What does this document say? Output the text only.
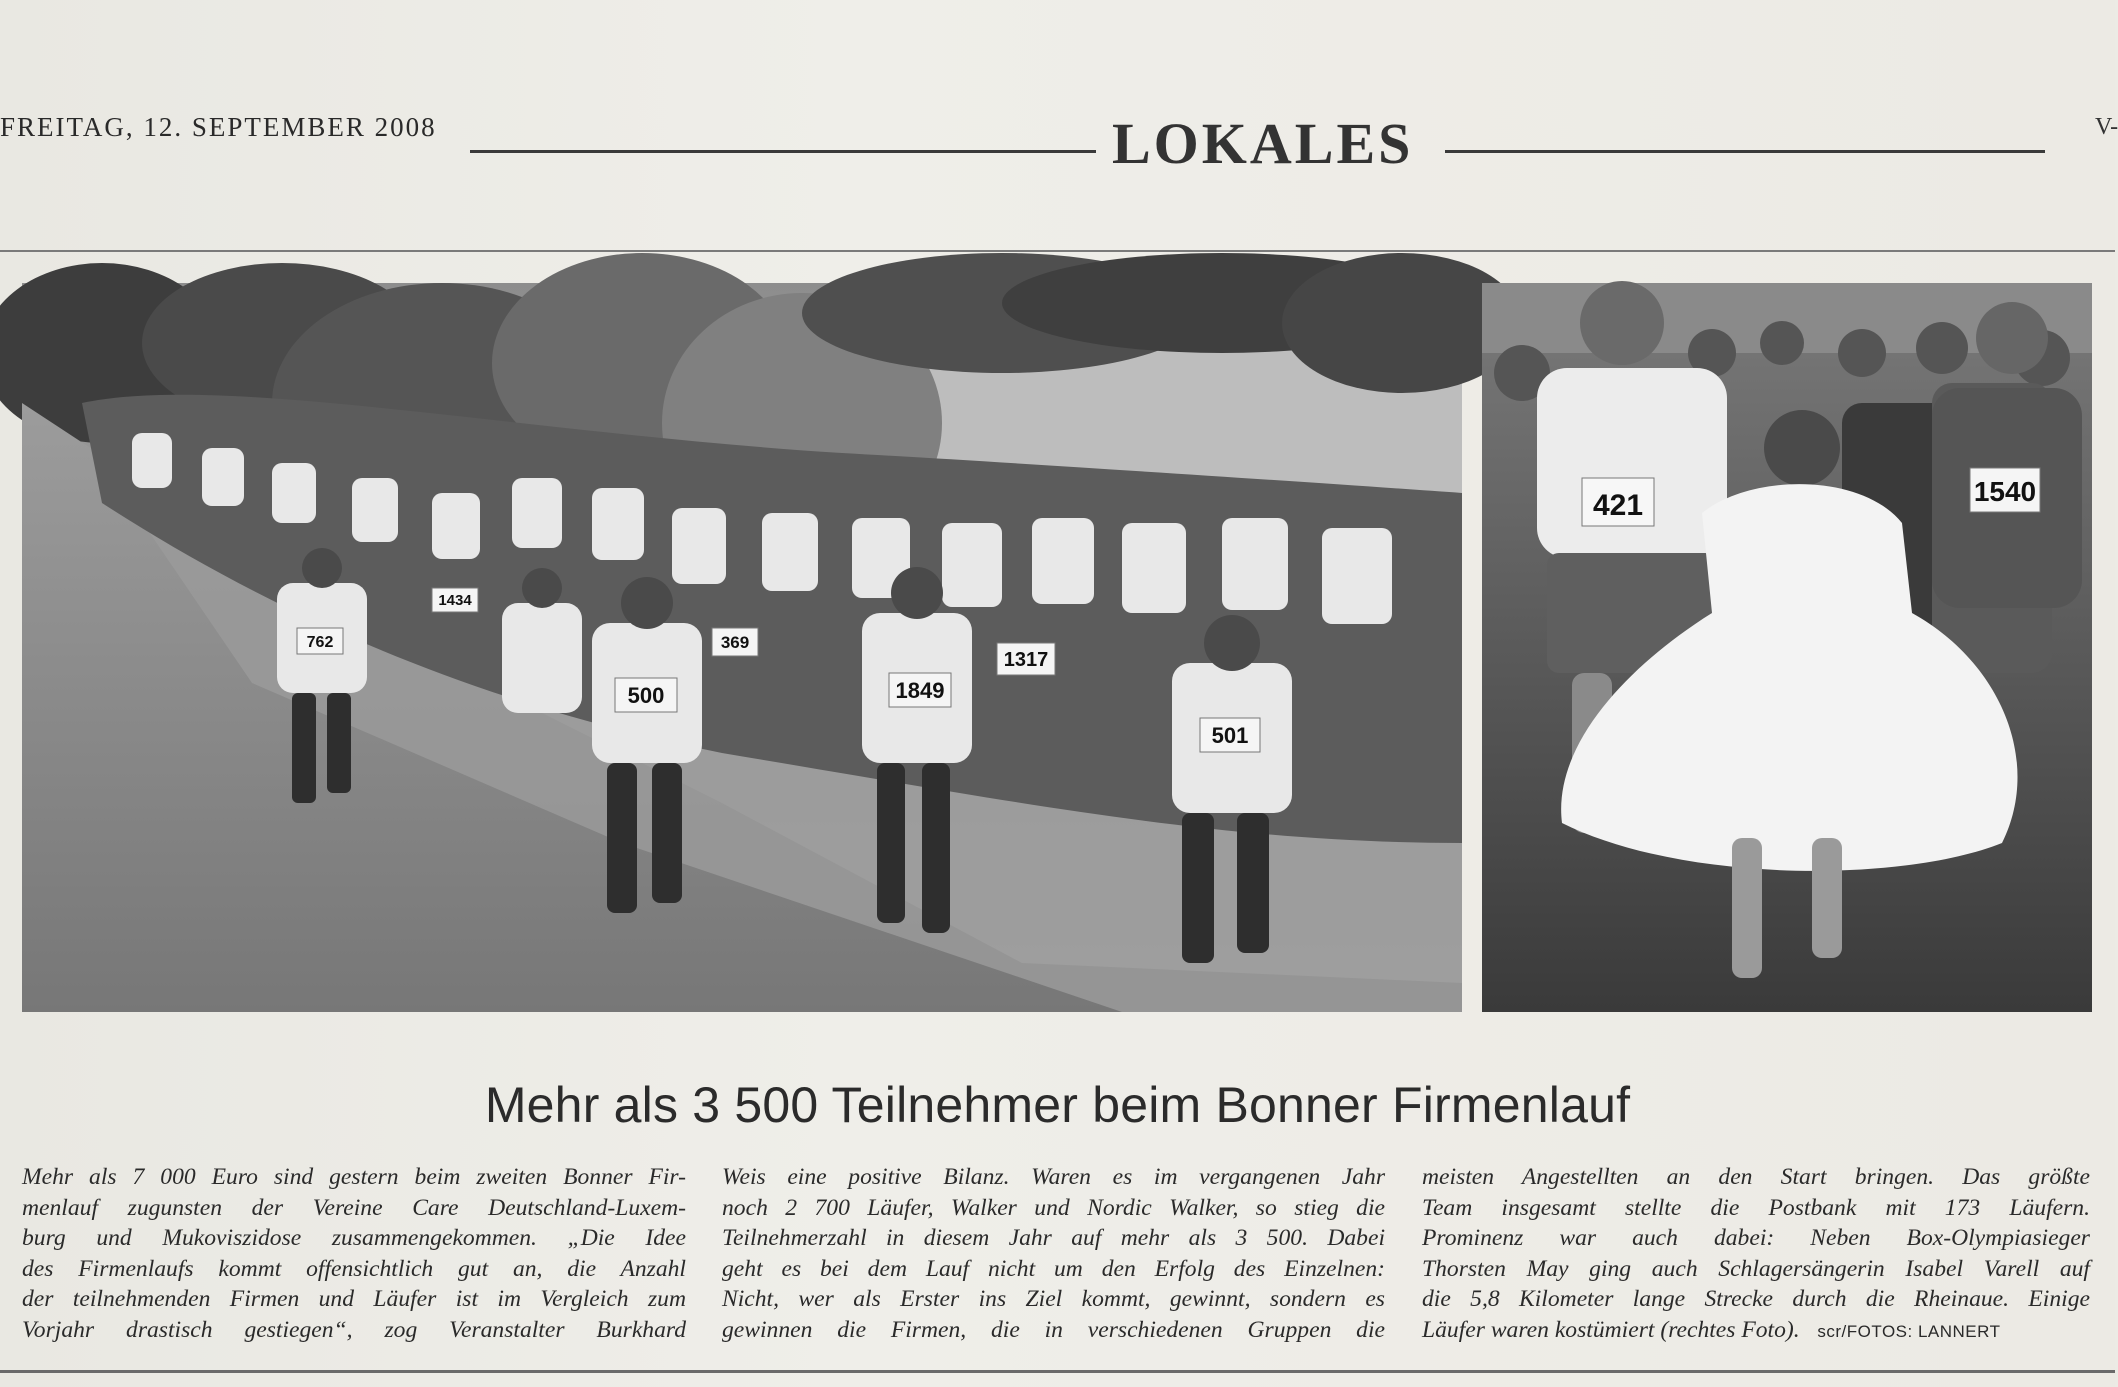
FREITAG, 12. SEPTEMBER 2008	LOKALES	V-
500	1849
1317
762
1434
369
501
421	1540
Mehr als 3 500 Teilnehmer beim Bonner Firmenlauf
Mehr als 7 000 Euro sind gestern beim zweiten Bonner Fir-
menlauf zugunsten der Vereine Care Deutschland-Luxem-
burg und Mukoviszidose zusammengekommen. „Die Idee
des Firmenlaufs kommt offensichtlich gut an, die Anzahl
der teilnehmenden Firmen und Läufer ist im Vergleich zum
Vorjahr drastisch gestiegen“, zog Veranstalter Burkhard
Weis eine positive Bilanz. Waren es im vergangenen Jahr
noch 2 700 Läufer, Walker und Nordic Walker, so stieg die
Teilnehmerzahl in diesem Jahr auf mehr als 3 500. Dabei
geht es bei dem Lauf nicht um den Erfolg des Einzelnen:
Nicht, wer als Erster ins Ziel kommt, gewinnt, sondern es
gewinnen die Firmen, die in verschiedenen Gruppen die
meisten Angestellten an den Start bringen. Das größte
Team insgesamt stellte die Postbank mit 173 Läufern.
Prominenz war auch dabei: Neben Box-Olympiasieger
Thorsten May ging auch Schlagersängerin Isabel Varell auf
die 5,8 Kilometer lange Strecke durch die Rheinaue. Einige
Läufer waren kostümiert (rechtes Foto). scr/FOTOS: LANNERT
